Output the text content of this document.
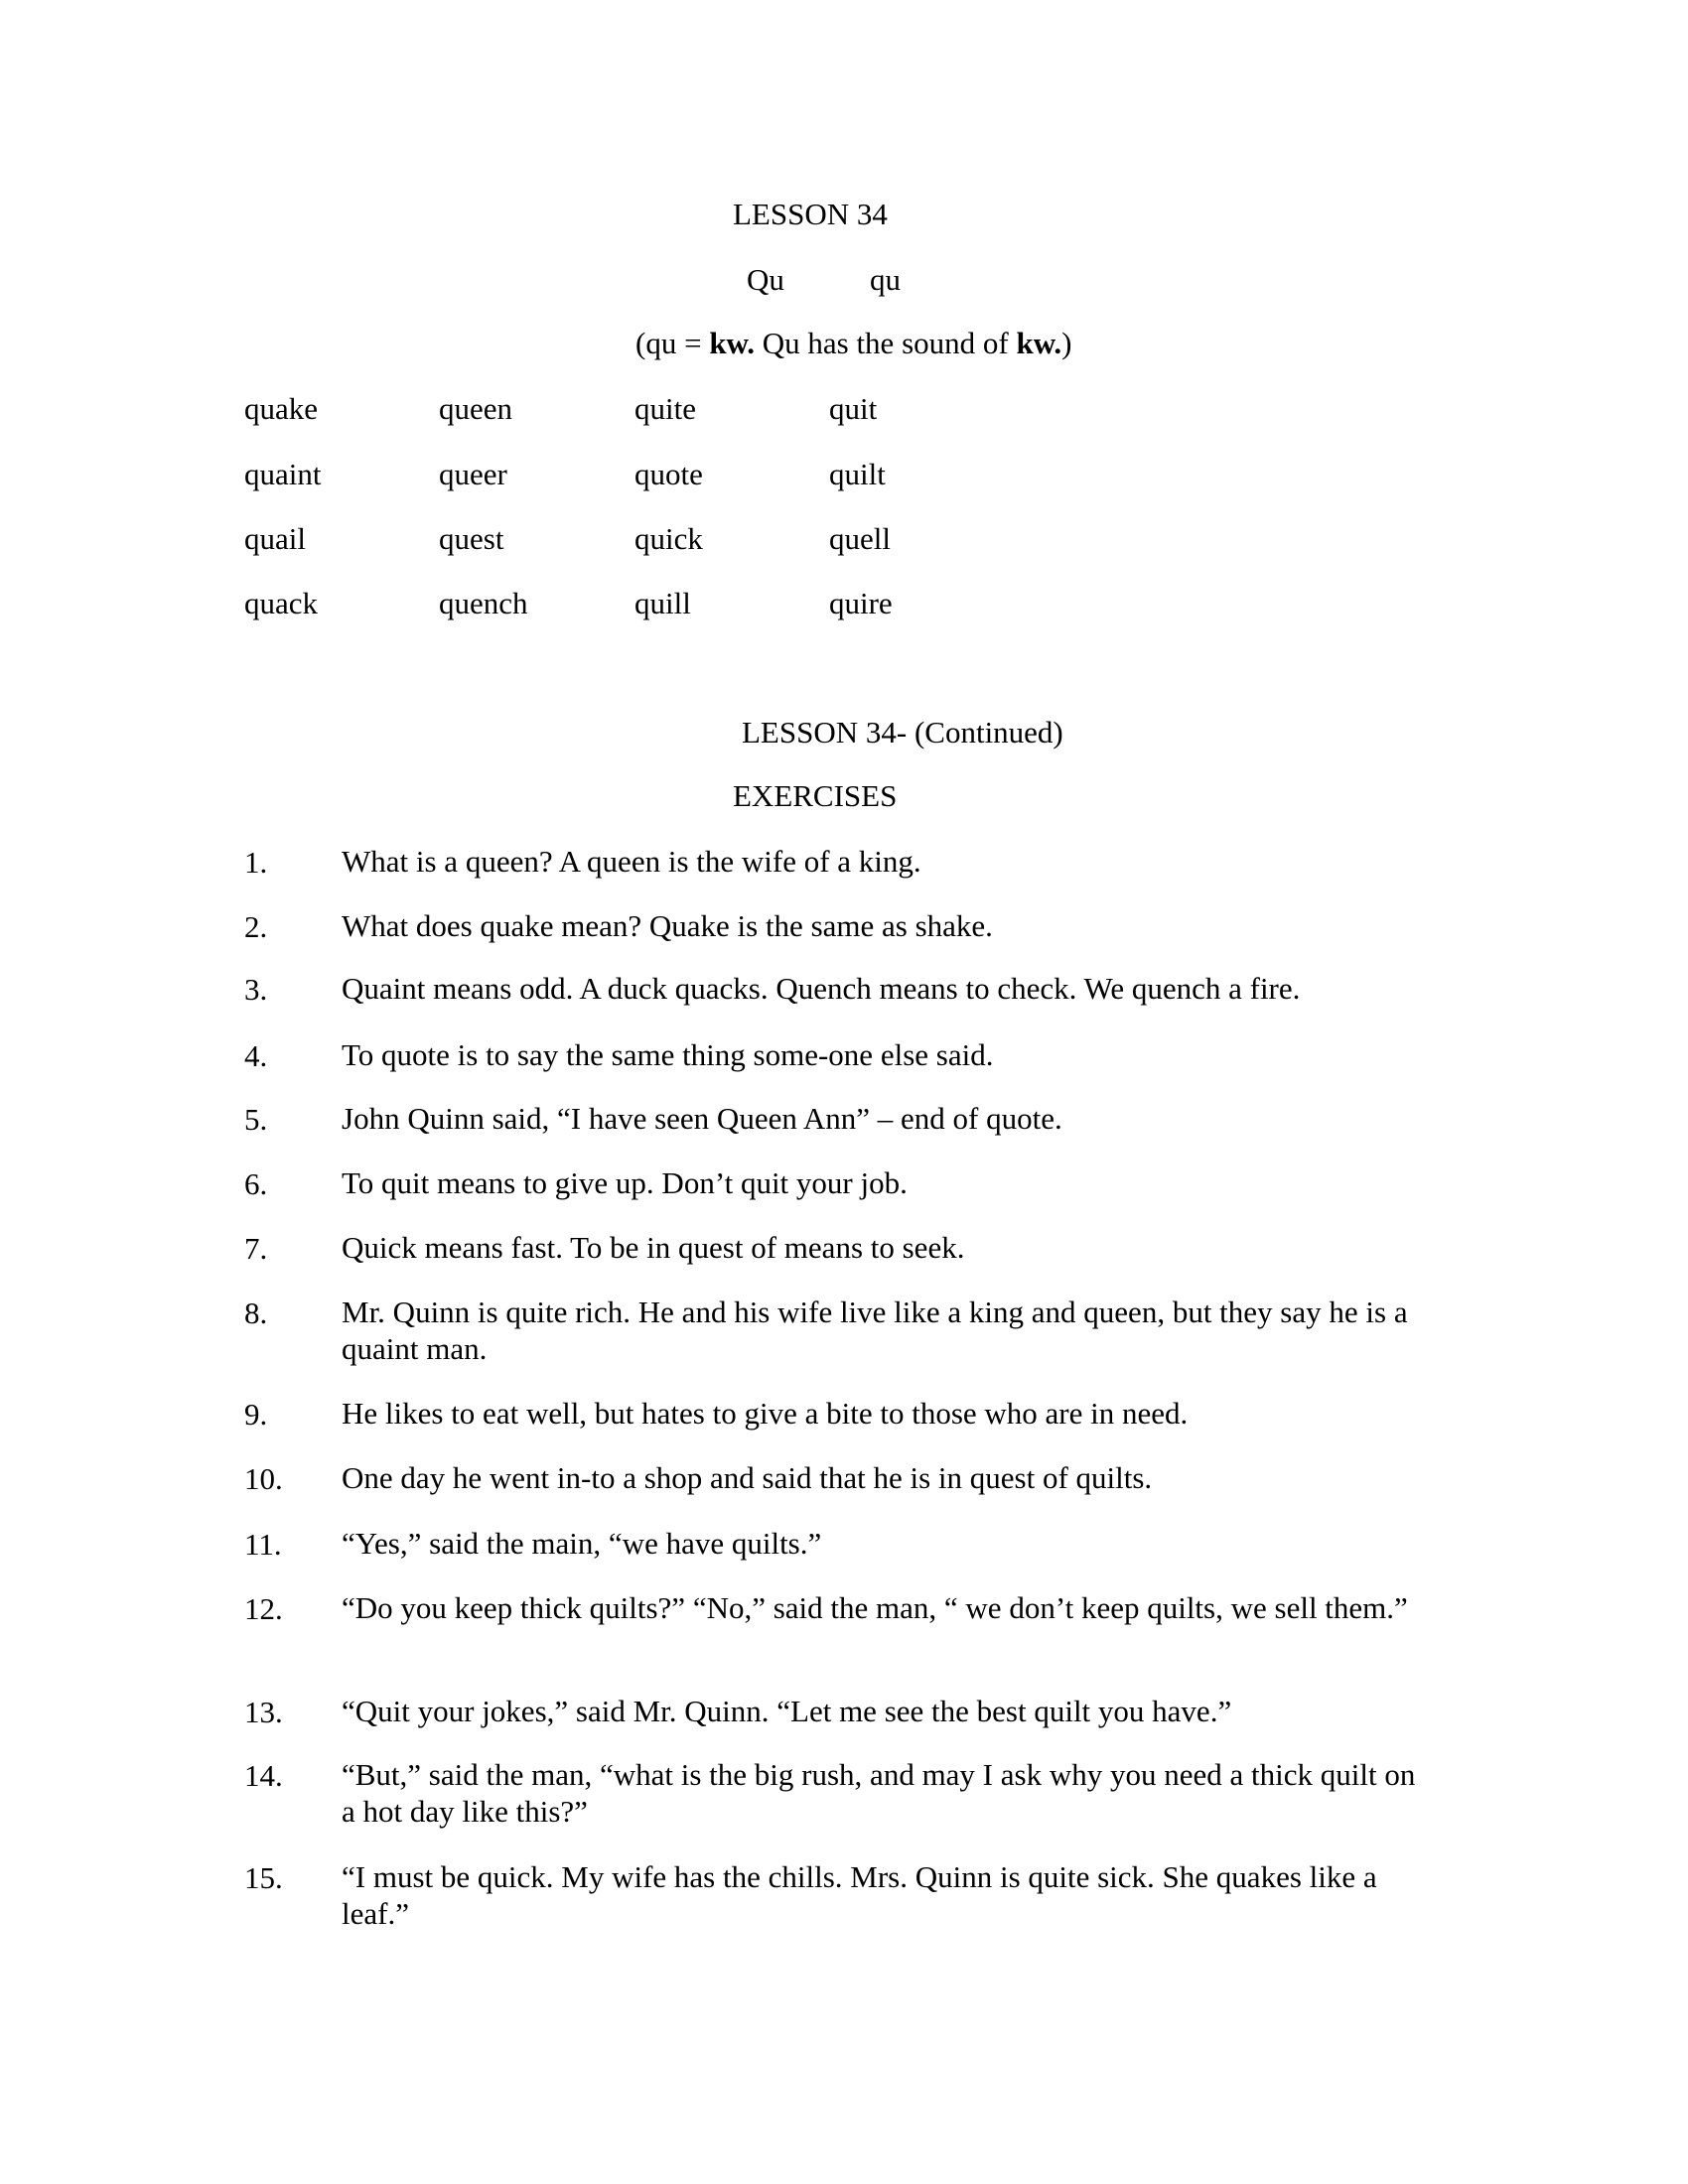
LESSON 34
Qu	qu
(qu = kw. Qu has the sound of kw.)
quake	queen	quite	quit
quaint	queer	quote	quilt
quail	quest	quick	quell
quack	quench	quill	quire
LESSON 34- (Continued)
EXERCISES
1. What is a queen? A queen is the wife of a king.
2. What does quake mean? Quake is the same as shake.
3. Quaint means odd. A duck quacks. Quench means to check. We quench a fire.
4. To quote is to say the same thing some-one else said.
5. John Quinn said, “I have seen Queen Ann” – end of quote.
6. To quit means to give up. Don’t quit your job.
7. Quick means fast. To be in quest of means to seek.
8. Mr. Quinn is quite rich. He and his wife live like a king and queen, but they say he is a quaint man.
9. He likes to eat well, but hates to give a bite to those who are in need.
10. One day he went in-to a shop and said that he is in quest of quilts.
11. “Yes,” said the main, “we have quilts.”
12. “Do you keep thick quilts?” “No,” said the man, “ we don’t keep quilts, we sell them.”
13. “Quit your jokes,” said Mr. Quinn. “Let me see the best quilt you have.”
14. “But,” said the man, “what is the big rush, and may I ask why you need a thick quilt on a hot day like this?”
15. “I must be quick. My wife has the chills. Mrs. Quinn is quite sick. She quakes like a leaf.”
